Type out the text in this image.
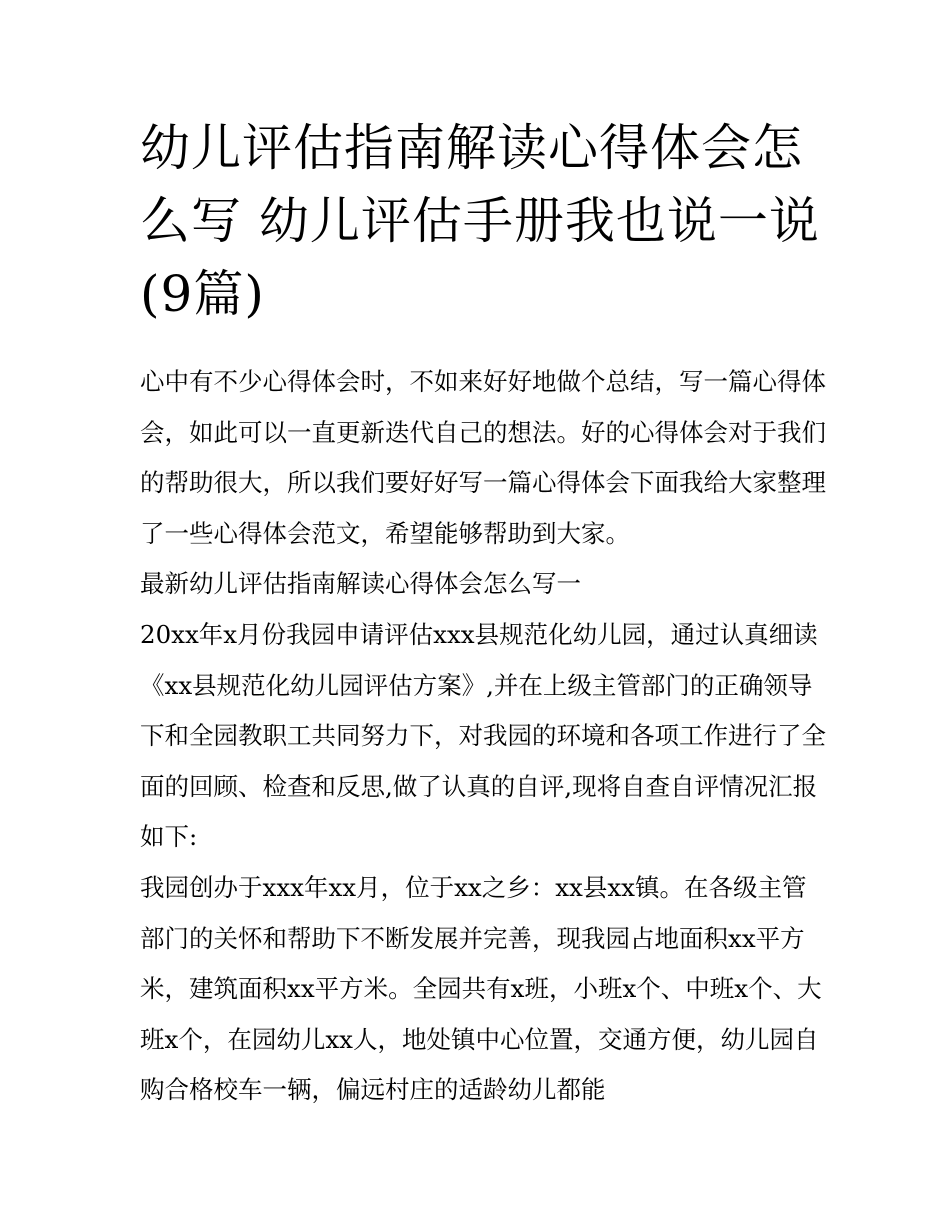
幼儿评估指南解读心得体会怎么写 幼儿评估手册我也说一说(9篇)

心中有不少心得体会时，不如来好好地做个总结，写一篇心得体会，如此可以一直更新迭代自己的想法。好的心得体会对于我们的帮助很大，所以我们要好好写一篇心得体会下面我给大家整理了一些心得体会范文，希望能够帮助到大家。

最新幼儿评估指南解读心得体会怎么写一

20xx年x月份我园申请评估xxx县规范化幼儿园，通过认真细读《xx县规范化幼儿园评估方案》,并在上级主管部门的正确领导下和全园教职工共同努力下，对我园的环境和各项工作进行了全面的回顾、检查和反思,做了认真的自评,现将自查自评情况汇报如下:

我园创办于xxx年xx月，位于xx之乡：xx县xx镇。在各级主管部门的关怀和帮助下不断发展并完善，现我园占地面积xx平方米，建筑面积xx平方米。全园共有x班，小班x个、中班x个、大班x个，在园幼儿xx人，地处镇中心位置，交通方便，幼儿园自购合格校车一辆，偏远村庄的适龄幼儿都能
